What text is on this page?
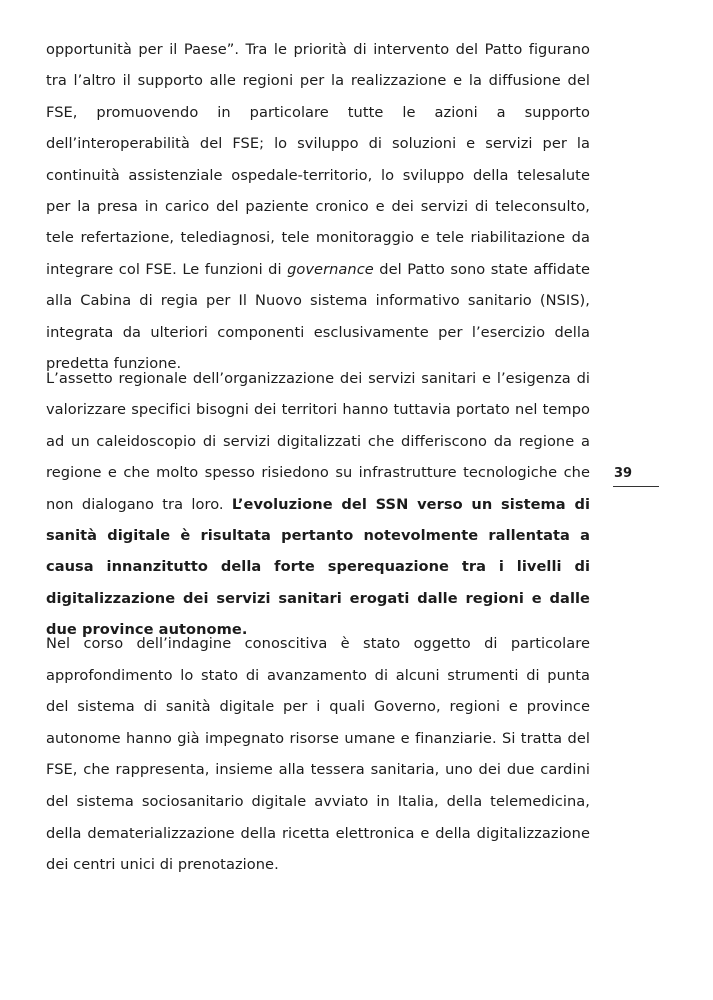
opportunità per il Paese”. Tra le priorità di intervento del Patto figurano tra l’altro il supporto alle regioni per la realizzazione e la diffusione del FSE, promuovendo in particolare tutte le azioni a supporto dell’interoperabilità del FSE; lo sviluppo di soluzioni e servizi per la continuità assistenziale ospedale-territorio, lo sviluppo della telesalute per la presa in carico del paziente cronico e dei servizi di teleconsulto, tele refertazione, telediagnosi, tele monitoraggio e tele riabilitazione da integrare col FSE. Le funzioni di governance del Patto sono state affidate alla Cabina di regia per Il Nuovo sistema informativo sanitario (NSIS), integrata da ulteriori componenti esclusivamente per l’esercizio della predetta funzione.

L’assetto regionale dell’organizzazione dei servizi sanitari e l’esigenza di valorizzare specifici bisogni dei territori hanno tuttavia portato nel tempo ad un caleidoscopio di servizi digitalizzati che differiscono da regione a regione e che molto spesso risiedono su infrastrutture tecnologiche che non dialogano tra loro. L’evoluzione del SSN verso un sistema di sanità digitale è risultata pertanto notevolmente rallentata a causa innanzitutto della forte sperequazione tra i livelli di digitalizzazione dei servizi sanitari erogati dalle regioni e dalle due province autonome.

Nel corso dell’indagine conoscitiva è stato oggetto di particolare approfondimento lo stato di avanzamento di alcuni strumenti di punta del sistema di sanità digitale per i quali Governo, regioni e province autonome hanno già impegnato risorse umane e finanziarie. Si tratta del FSE, che rappresenta, insieme alla tessera sanitaria, uno dei due cardini del sistema sociosanitario digitale avviato in Italia, della telemedicina, della dematerializzazione della ricetta elettronica e della digitalizzazione dei centri unici di prenotazione.

39
